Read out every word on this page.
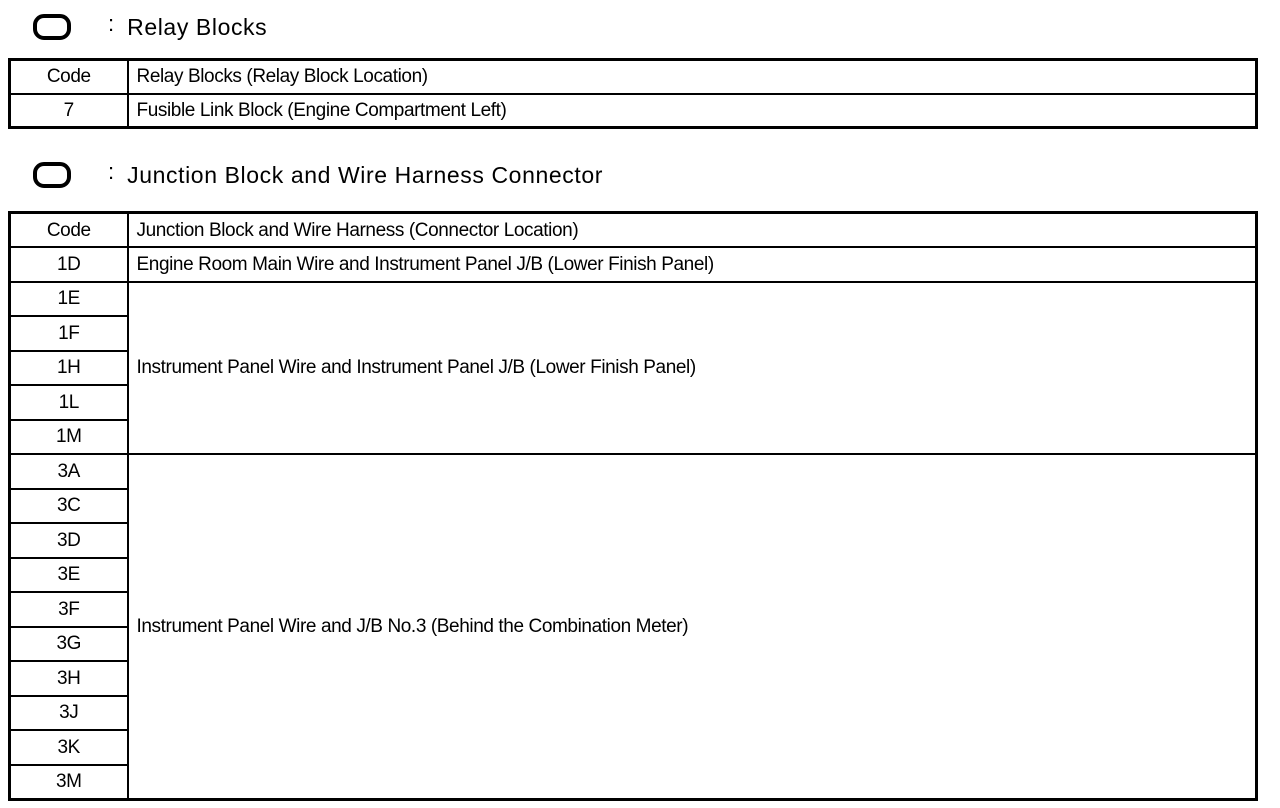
: Relay Blocks
Code	Relay Blocks (Relay Block Location)
7	Fusible Link Block (Engine Compartment Left)
: Junction Block and Wire Harness Connector
Code	Junction Block and Wire Harness (Connector Location)
1D	Engine Room Main Wire and Instrument Panel J/B (Lower Finish Panel)
1E	Instrument Panel Wire and Instrument Panel J/B (Lower Finish Panel)
1F	
1H	
1L	
1M	
3A	Instrument Panel Wire and J/B No.3 (Behind the Combination Meter)
3C	
3D	
3E	
3F	
3G	
3H	
3J	
3K	
3M	
